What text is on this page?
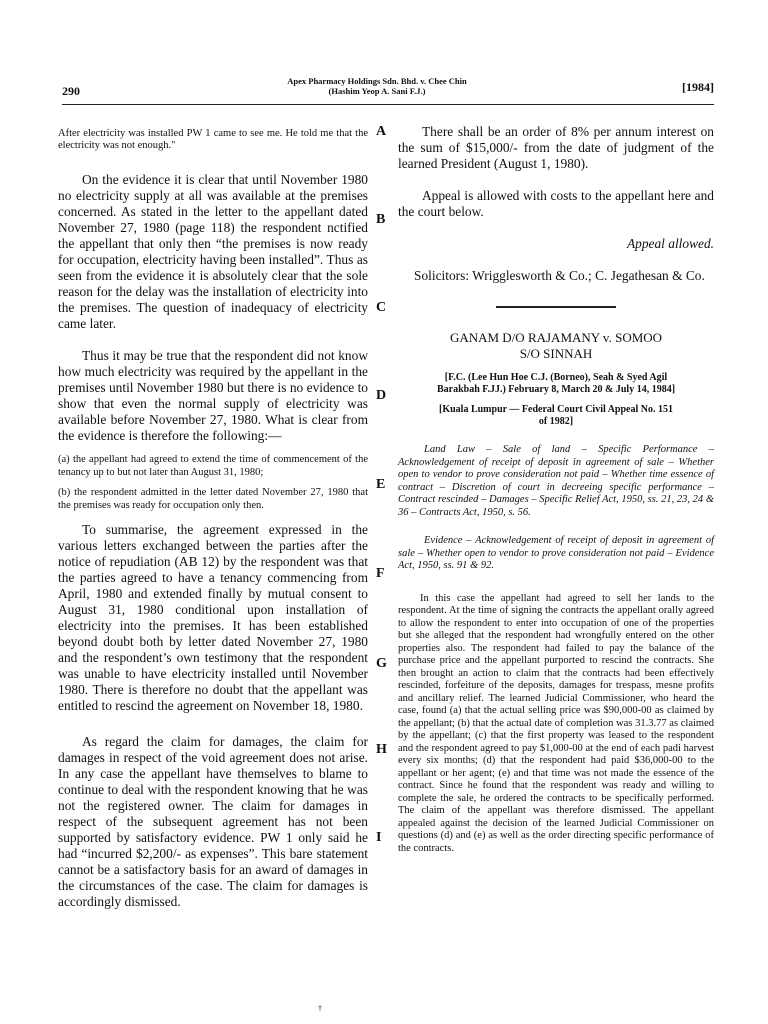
290
Apex Pharmacy Holdings Sdn. Bhd. v. Chee Chin
(Hashim Yeop A. Sani F.J.)	[1984]

After electricity was installed PW 1 came to see me. He told me that the electricity was not enough."

On the evidence it is clear that until November 1980 no electricity supply at all was available at the premises concerned. As stated in the letter to the appellant dated November 27, 1980 (page 118) the respondent nctified the appellant that only then “the premises is now ready for occupation, electricity having been installed”. Thus as seen from the evidence it is absolutely clear that the sole reason for the delay was the installation of electricity into the premises. The question of inadequacy of electricity came later.

Thus it may be true that the respondent did not know how much electricity was required by the appellant in the premises until November 1980 but there is no evidence to show that even the normal supply of electricity was available before November 27, 1980. What is clear from the evidence is therefore the following:—

(a) the appellant had agreed to extend the time of commencement of the tenancy up to but not later than August 31, 1980;

(b) the respondent admitted in the letter dated November 27, 1980 that the premises was ready for occupation only then.

To summarise, the agreement expressed in the various letters exchanged between the parties after the notice of repudiation (AB 12) by the respondent was that the parties agreed to have a tenancy commencing from April, 1980 and extended finally by mutual consent to August 31, 1980 conditional upon installation of electricity into the premises. It has been established beyond doubt both by letter dated November 27, 1980 and the respondent’s own testimony that the respondent was unable to have electricity installed until November 1980. There is therefore no doubt that the appellant was entitled to rescind the agreement on November 18, 1980.

As regard the claim for damages, the claim for damages in respect of the void agreement does not arise. In any case the appellant have themselves to blame to continue to deal with the respondent knowing that he was not the registered owner. The claim for damages in respect of the subsequent agreement has not been supported by satisfactory evidence. PW 1 only said he had “incurred $2,200/- as expenses”. This bare statement cannot be a satisfactory basis for an award of damages in the circumstances of the case. The claim for damages is accordingly dismissed.

There shall be an order of 8% per annum interest on the sum of $15,000/- from the date of judgment of the learned President (August 1, 1980).

Appeal is allowed with costs to the appellant here and the court below.

Appeal allowed.

Solicitors: Wrigglesworth & Co.; C. Jegathesan & Co.

GANAM D/O RAJAMANY v. SOMOO
S/O SINNAH
[F.C. (Lee Hun Hoe C.J. (Borneo), Seah & Syed Agil
Barakbah F.JJ.) February 8, March 20 & July 14, 1984]
[Kuala Lumpur — Federal Court Civil Appeal No. 151
of 1982]

Land Law – Sale of land – Specific Performance – Acknowledgement of receipt of deposit in agreement of sale – Whether open to vendor to prove consideration not paid – Whether time essence of contract – Discretion of court in decreeing specific performance – Contract rescinded – Damages – Specific Relief Act, 1950, ss. 21, 23, 24 & 36 – Contracts Act, 1950, s. 56.

Evidence – Acknowledgement of receipt of deposit in agreement of sale – Whether open to vendor to prove consideration not paid – Evidence Act, 1950, ss. 91 & 92.

In this case the appellant had agreed to sell her lands to the respondent. At the time of signing the contracts the appellant orally agreed to allow the respondent to enter into occupation of one of the properties but she alleged that the respondent had wrongfully entered on the other properties also. The respondent had failed to pay the balance of the purchase price and the appellant purported to rescind the contracts. She then brought an action to claim that the contracts had been effectively rescinded, forfeiture of the deposits, damages for trespass, mesne profits and ancillary relief. The learned Judicial Commissioner, who heard the case, found (a) that the actual selling price was $90,000-00 as claimed by the appellant; (b) that the actual date of completion was 31.3.77 as claimed by the appellant; (c) that the first property was leased to the respondent and the respondent agreed to pay $1,000-00 at the end of each padi harvest every six months; (d) that the respondent had paid $36,000-00 to the appellant or her agent; (e) and that time was not made the essence of the contract. Since he found that the respondent was ready and willing to complete the sale, he ordered the contracts to be specifically performed. The claim of the appellant was therefore dismissed. The appellant appealed against the decision of the learned Judicial Commissioner on questions (d) and (e) as well as the order directing specific performance of the contracts.

A
B
C
D
E
F
G
H
I
†
